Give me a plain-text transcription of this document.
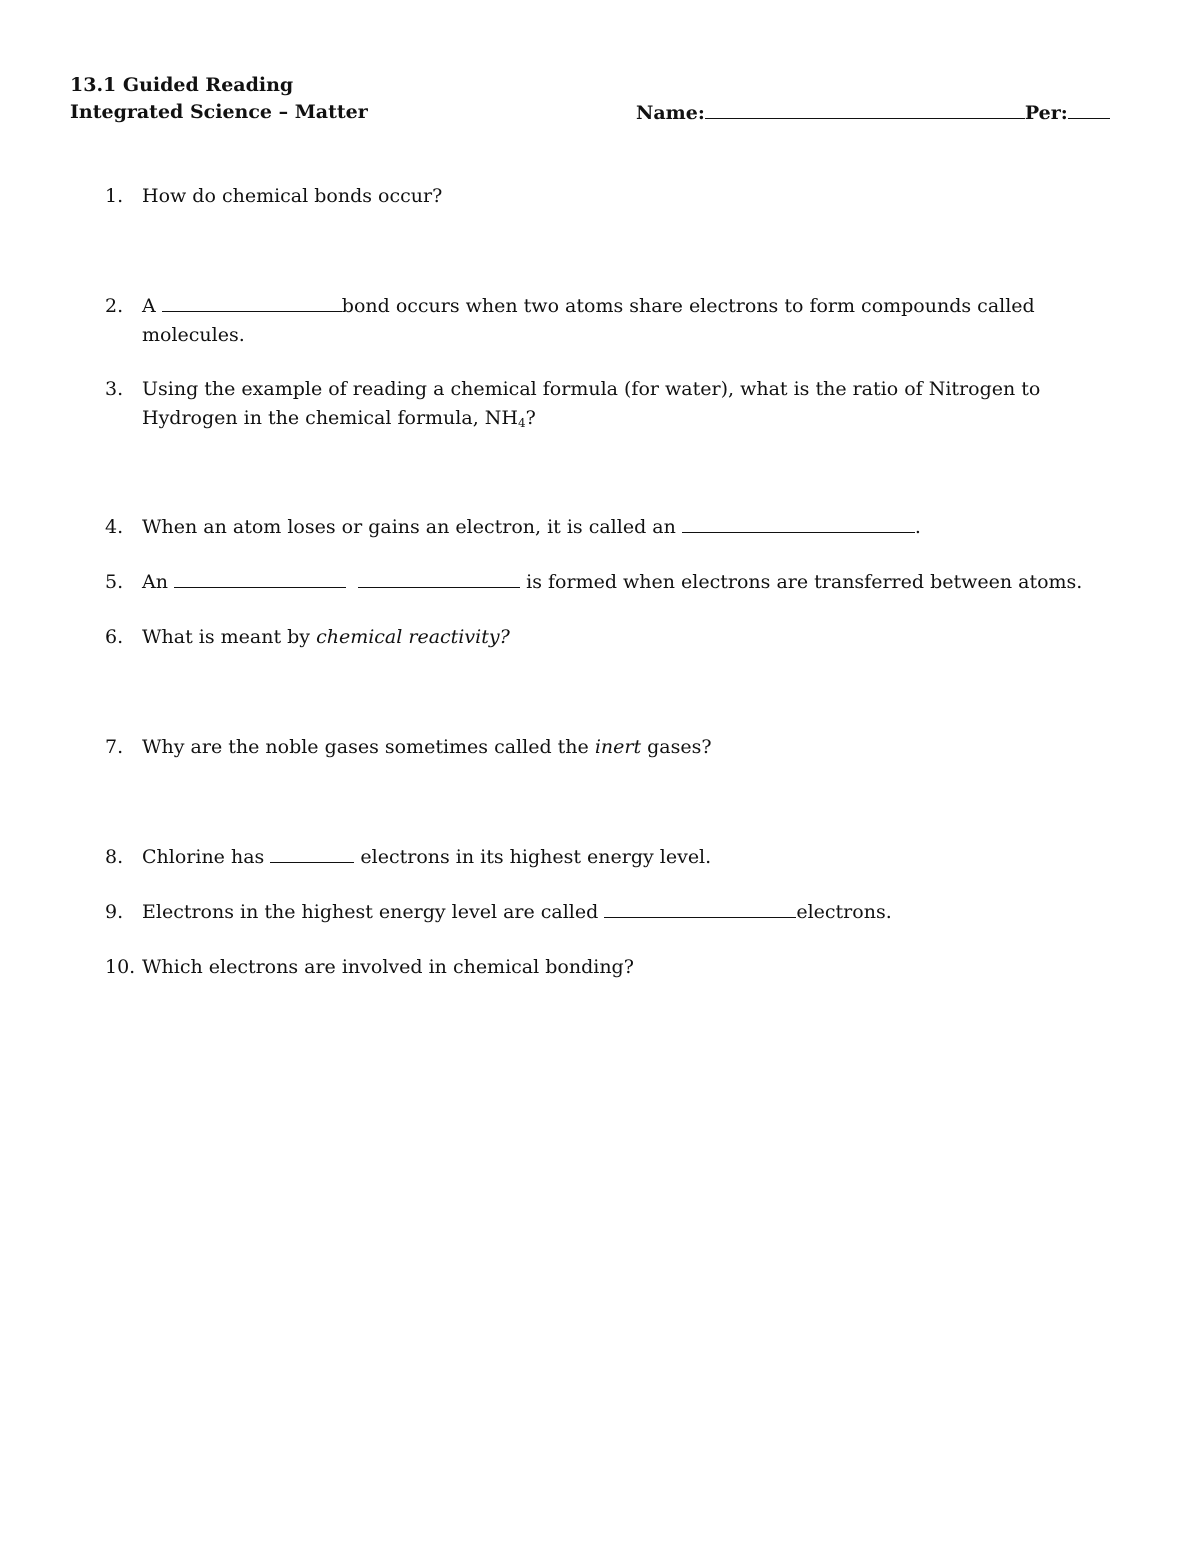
13.1 Guided Reading
Integrated Science – Matter	Name:	Per:
1. How do chemical bonds occur?
2. A	bond occurs when two atoms share electrons to form compounds called molecules.
3. Using the example of reading a chemical formula (for water), what is the ratio of Nitrogen to Hydrogen in the chemical formula, $NH_4$?
4. When an atom loses or gains an electron, it is called an	.
5. An	is formed when electrons are transferred between atoms.
6. What is meant by chemical reactivity?
7. Why are the noble gases sometimes called the inert gases?
8. Chlorine has	electrons in its highest energy level.
9. Electrons in the highest energy level are called	electrons.
10. Which electrons are involved in chemical bonding?
